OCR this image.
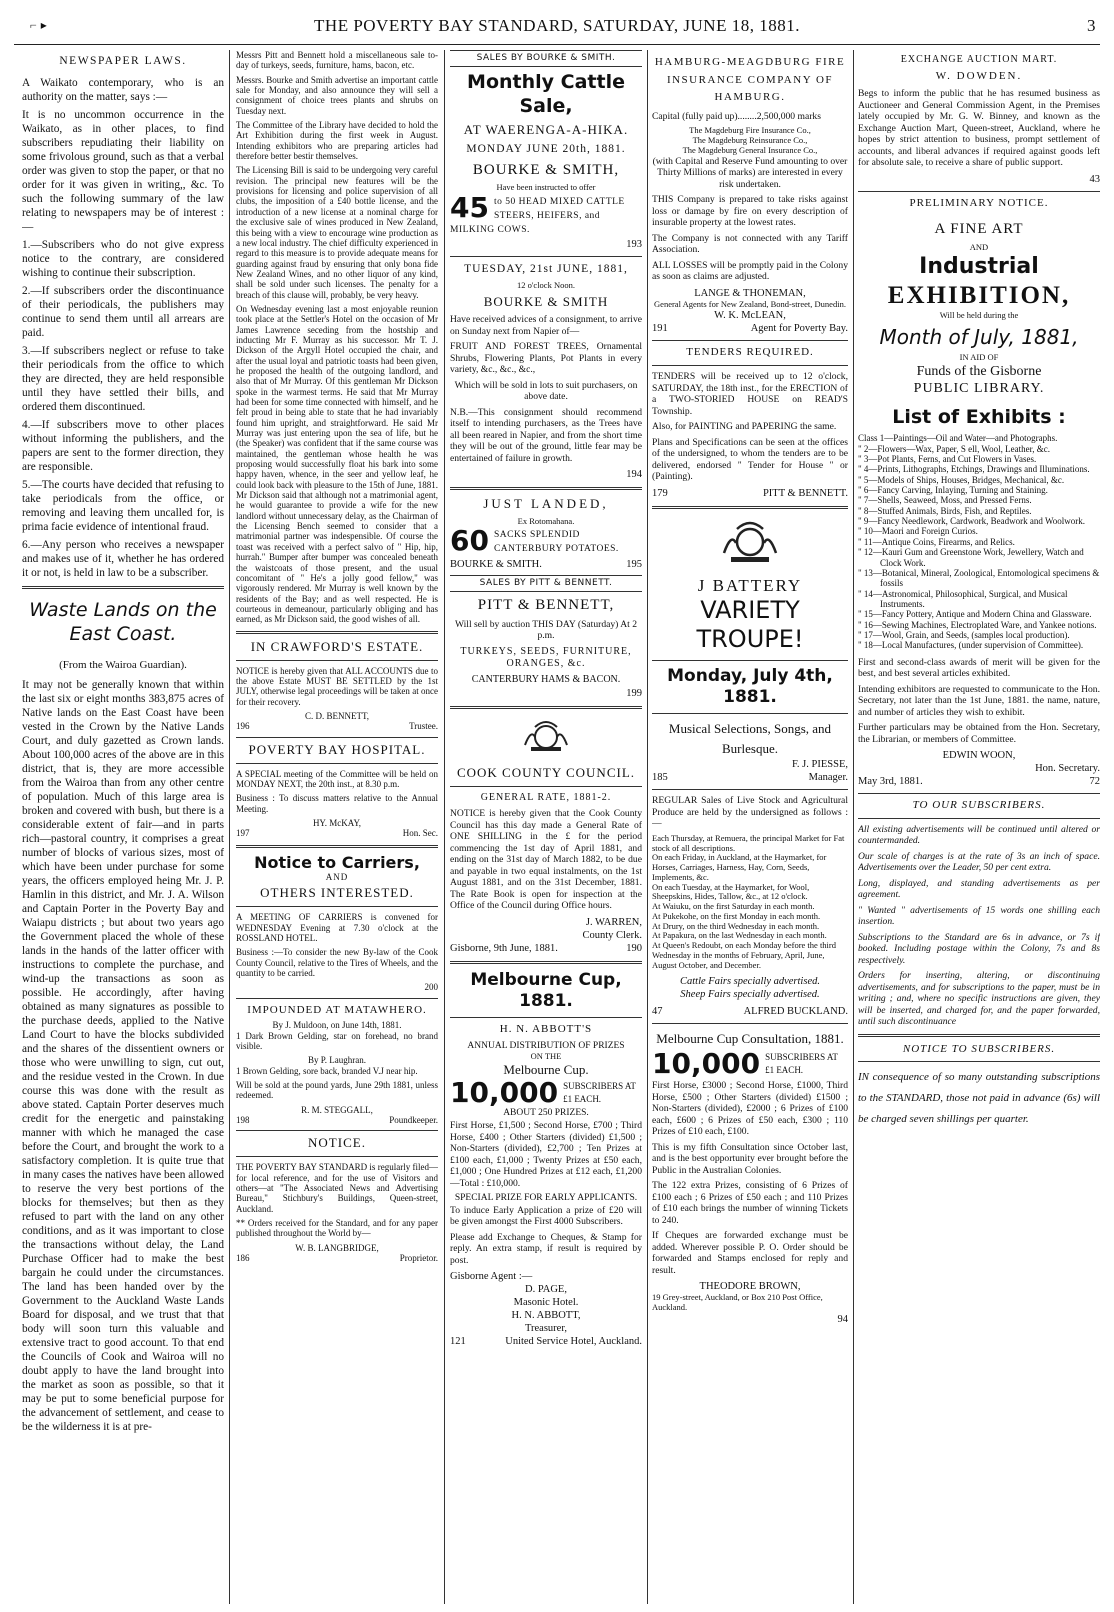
⌐ ▸	THE POVERTY BAY STANDARD, SATURDAY, JUNE 18, 1881.	3
NEWSPAPER LAWS.

A Waikato contemporary, who is an authority on the matter, says :—

It is no uncommon occurrence in the Waikato, as in other places, to find subscribers repudiating their liability on some frivolous ground, such as that a verbal order was given to stop the paper, or that no order for it was given in writing,, &c. To such the following summary of the law relating to newspapers may be of interest :—

1.—Subscribers who do not give express notice to the contrary, are considered wishing to continue their subscription.

2.—If subscribers order the discontinuance of their periodicals, the publishers may continue to send them until all arrears are paid.

3.—If subscribers neglect or refuse to take their periodicals from the office to which they are directed, they are held responsible until they have settled their bills, and ordered them discontinued.

4.—If subscribers move to other places without informing the publishers, and the papers are sent to the former direction, they are responsible.

5.—The courts have decided that refusing to take periodicals from the office, or removing and leaving them uncalled for, is prima facie evidence of intentional fraud.

6.—Any person who receives a newspaper and makes use of it, whether he has ordered it or not, is held in law to be a subscriber.

Waste Lands on the East Coast.
(From the Wairoa Guardian).

It may not be generally known that within the last six or eight months 383,875 acres of Native lands on the East Coast have been vested in the Crown by the Native Lands Court, and duly gazetted as Crown lands. About 100,000 acres of the above are in this district, that is, they are more accessible from the Wairoa than from any other centre of population. Much of this large area is broken and covered with bush, but there is a considerable extent of fair—and in parts rich—pastoral country, it comprises a great number of blocks of various sizes, most of which have been under purchase for some years, the officers employed heing Mr. J. P. Hamlin in this district, and Mr. J. A. Wilson and Captain Porter in the Poverty Bay and Waiapu districts ; but about two years ago the Government placed the whole of these lands in the hands of the latter officer with instructions to complete the purchase, and wind-up the transactions as soon as possible. He accordingly, after having obtained as many signatures as possible to the purchase deeds, applied to the Native Land Court to have the blocks subdivided and the shares of the dissentient owners or those who were unwilling to sign, cut out, and the residue vested in the Crown. In due course this was done with the result as above stated. Captain Porter deserves much credit for the energetic and painstaking manner with which he managed the case before the Court, and brought the work to a satisfactory completion. It is quite true that in many cases the natives have been allowed to reserve the very best portions of the blocks for themselves; but then as they refused to part with the land on any other conditions, and as it was important to close the transactions without delay, the Land Purchase Officer had to make the best bargain he could under the circumstances. The land has been handed over by the Government to the Auckland Waste Lands Board for disposal, and we trust that that body will soon turn this valuable and extensive tract to good account. To that end the Councils of Cook and Wairoa will no doubt apply to have the land brought into the market as soon as possible, so that it may be put to some beneficial purpose for the advancement of settlement, and cease to be the wilderness it is at pre-

Messrs Pitt and Bennett hold a miscellaneous sale to-day of turkeys, seeds, furniture, hams, bacon, etc.

Messrs. Bourke and Smith advertise an important cattle sale for Monday, and also announce they will sell a consignment of choice trees plants and shrubs on Tuesday next.

The Committee of the Library have decided to hold the Art Exhibition during the first week in August. Intending exhibitors who are preparing articles had therefore better bestir themselves.

The Licensing Bill is said to be undergoing very careful revision. The principal new features will be the provisions for licensing and police supervision of all clubs, the imposition of a £40 bottle license, and the introduction of a new license at a nominal charge for the exclusive sale of wines produced in New Zealand, this being with a view to encourage wine production as a new local industry. The chief difficulty experienced in regard to this measure is to provide adequate means for guarding against fraud by ensuring that only bona fide New Zealand Wines, and no other liquor of any kind, shall be sold under such licenses. The penalty for a breach of this clause will, probably, be very heavy.

On Wednesday evening last a most enjoyable reunion took place at the Settler's Hotel on the occasion of Mr James Lawrence seceding from the hostship and inducting Mr F. Murray as his successor. Mr T. J. Dickson of the Argyll Hotel occupied the chair, and after the usual loyal and patriotic toasts had been given, he proposed the health of the outgoing landlord, and also that of Mr Murray. Of this gentleman Mr Dickson spoke in the warmest terms. He said that Mr Murray had been for some time connected with himself, and he felt proud in being able to state that he had invariably found him upright, and straightforward. He said Mr Murray was just entering upon the sea of life, but he (the Speaker) was confident that if the same course was maintained, the gentleman whose health he was proposing would successfully float his bark into some happy haven, whence, in the seer and yellow leaf, he could look back with pleasure to the 15th of June, 1881. Mr Dickson said that although not a matrimonial agent, he would guarantee to provide a wife for the new landlord without unnecessary delay, as the Chairman of the Licensing Bench seemed to consider that a matrimonial partner was indespensible. Of course the toast was received with a perfect salvo of " Hip, hip, hurrah." Bumper after bumper was concealed beneath the waistcoats of those present, and the usual concomitant of " He's a jolly good fellow," was vigorously rendered. Mr Murray is well known by the residents of the Bay; and as well respected. He is courteous in demeanour, particularly obliging and has earned, as Mr Dickson said, the good wishes of all.

IN CRAWFORD'S ESTATE.

NOTICE is hereby given that ALL ACCOUNTS due to the above Estate MUST BE SETTLED by the 1st JULY, otherwise legal proceedings will be taken at once for their recovery.

C. D. BENNETT,
196	Trustee.
POVERTY BAY HOSPITAL.

A SPECIAL meeting of the Committee will be held on MONDAY NEXT, the 20th inst., at 8.30 p.m.

Business : To discuss matters relative to the Annual Meeting.

HY. McKAY,
197	Hon. Sec.
Notice to Carriers,
AND
OTHERS INTERESTED.

A MEETING OF CARRIERS is convened for WEDNESDAY Evening at 7.30 o'clock at the ROSSLAND HOTEL.

Business :—To consider the new By-law of the Cook County Council, relative to the Tires of Wheels, and the quantity to be carried.

200
IMPOUNDED AT MATAWHERO.
By J. Muldoon, on June 14th, 1881.

1 Dark Brown Gelding, star on forehead, no brand visible.

By P. Laughran.

1 Brown Gelding, sore back, branded V.J near hip.

Will be sold at the pound yards, June 29th 1881, unless redeemed.

R. M. STEGGALL,
198	Poundkeeper.
NOTICE.

THE POVERTY BAY STANDARD is regularly filed—for local reference, and for the use of Visitors and others—at "The Associated News and Advertising Bureau," Stichbury's Buildings, Queen-street, Auckland.

** Orders received for the Standard, and for any paper published throughout the World by—

W. B. LANGBRIDGE,
186	Proprietor.
SALES BY BOURKE & SMITH.
Monthly Cattle Sale,
AT WAERENGA-A-HIKA.
MONDAY JUNE 20th, 1881.
BOURKE & SMITH,
Have been instructed to offer
45 to 50 HEAD MIXED CATTLE STEERS, HEIFERS, and MILKING COWS.
193
TUESDAY, 21st JUNE, 1881,
12 o'clock Noon.
BOURKE & SMITH

Have received advices of a consignment, to arrive on Sunday next from Napier of—

FRUIT AND FOREST TREES, Ornamental Shrubs, Flowering Plants, Pot Plants in every variety, &c., &c., &c.,

Which will be sold in lots to suit purchasers, on above date.

N.B.—This consignment should recommend itself to intending purchasers, as the Trees have all been reared in Napier, and from the short time they will be out of the ground, little fear may be entertained of failure in growth.

194
JUST LANDED,
Ex Rotomahana.
60 SACKS SPLENDID CANTERBURY POTATOES.
BOURKE & SMITH.	195
SALES BY PITT & BENNETT.
PITT & BENNETT,

Will sell by auction THIS DAY (Saturday) At 2 p.m.

TURKEYS, SEEDS, FURNITURE, ORANGES, &c.
CANTERBURY HAMS & BACON.
199
COOK COUNTY COUNCIL.
GENERAL RATE, 1881-2.

NOTICE is hereby given that the Cook County Council has this day made a General Rate of ONE SHILLING in the £ for the period commencing the 1st day of April 1881, and ending on the 31st day of March 1882, to be due and payable in two equal instalments, on the 1st August 1881, and on the 31st December, 1881. The Rate Book is open for inspection at the Office of the Council during Office hours.

J. WARREN,
County Clerk.
Gisborne, 9th June, 1881.	190
Melbourne Cup, 1881.
H. N. ABBOTT'S
ANNUAL DISTRIBUTION OF PRIZES
ON THE
Melbourne Cup.
10,000 SUBSCRIBERS AT £1 EACH.
ABOUT 250 PRIZES.

First Horse, £1,500 ; Second Horse, £700 ; Third Horse, £400 ; Other Starters (divided) £1,500 ; Non-Starters (divided), £2,700 ; Ten Prizes at £100 each, £1,000 ; Twenty Prizes at £50 each, £1,000 ; One Hundred Prizes at £12 each, £1,200—Total : £10,000.

SPECIAL PRIZE FOR EARLY APPLICANTS.

To induce Early Application a prize of £20 will be given amongst the First 4000 Subscribers.

Please add Exchange to Cheques, & Stamp for reply. An extra stamp, if result is required by post.

Gisborne Agent :—
D. PAGE,
Masonic Hotel.
H. N. ABBOTT,
Treasurer,
121	United Service Hotel, Auckland.
HAMBURG-MEAGDBURG FIRE INSURANCE COMPANY OF HAMBURG.

Capital (fully paid up)........2,500,000 marks

The Magdeburg Fire Insurance Co.,
The Magdeburg Reinsurance Co.,
The Magdeburg General Insurance Co.,

(with Capital and Reserve Fund amounting to over Thirty Millions of marks) are interested in every risk undertaken.

THIS Company is prepared to take risks against loss or damage by fire on every description of insurable property at the lowest rates.

The Company is not connected with any Tariff Association.

ALL LOSSES will be promptly paid in the Colony as soon as claims are adjusted.

LANGE & THONEMAN,
General Agents for New Zealand, Bond-street, Dunedin.
W. K. McLEAN,
191	Agent for Poverty Bay.
TENDERS REQUIRED.

TENDERS will be received up to 12 o'clock, SATURDAY, the 18th inst., for the ERECTION of a TWO-STORIED HOUSE on READ'S Township.

Also, for PAINTING and PAPERING the same.

Plans and Specifications can be seen at the offices of the undersigned, to whom the tenders are to be delivered, endorsed " Tender for House " or (Painting).

179	PITT & BENNETT.
J BATTERY
VARIETY TROUPE!
Monday, July 4th, 1881.
Musical Selections, Songs, and Burlesque.
F. J. PIESSE,
185	Manager.

REGULAR Sales of Live Stock and Agricultural Produce are held by the undersigned as follows :—

Each Thursday, at Remuera, the principal Market for Fat stock of all descriptions.
On each Friday, in Auckland, at the Haymarket, for Horses, Carriages, Harness, Hay, Corn, Seeds, Implements, &c.
On each Tuesday, at the Haymarket, for Wool, Sheepskins, Hides, Tallow, &c., at 12 o'clock.
At Waiuku, on the first Saturday in each month.
At Pukekohe, on the first Monday in each month.
At Drury, on the third Wednesday in each month.
At Papakura, on the last Wednesday in each month.
At Queen's Redoubt, on each Monday before the third Wednesday in the months of February, April, June, August October, and December.
Cattle Fairs specially advertised.
Sheep Fairs specially advertised.
47	ALFRED BUCKLAND.
Melbourne Cup Consultation, 1881.
10,000 SUBSCRIBERS AT £1 EACH.

First Horse, £3000 ; Second Horse, £1000, Third Horse, £500 ; Other Starters (divided) £1500 ; Non-Starters (divided), £2000 ; 6 Prizes of £100 each, £600 ; 6 Prizes of £50 each, £300 ; 110 Prizes of £10 each, £100.

This is my fifth Consultation since October last, and is the best opportunity ever brought before the Public in the Australian Colonies.

The 122 extra Prizes, consisting of 6 Prizes of £100 each ; 6 Prizes of £50 each ; and 110 Prizes of £10 each brings the number of winning Tickets to 240.

If Cheques are forwarded exchange must be added. Wherever possible P. O. Order should be forwarded and Stamps enclosed for reply and result.

THEODORE BROWN,
19 Grey-street, Auckland, or Box 210 Post Office, Auckland.
94
EXCHANGE AUCTION MART.
W. DOWDEN.

Begs to inform the public that he has resumed business as Auctioneer and General Commission Agent, in the Premises lately occupied by Mr. G. W. Binney, and known as the Exchange Auction Mart, Queen-street, Auckland, where he hopes by strict attention to business, prompt settlement of accounts, and liberal advances if required against goods left for absolute sale, to receive a share of public support.

43
PRELIMINARY NOTICE.
A FINE ART
AND
Industrial
EXHIBITION,
Will be held during the
Month of July, 1881,
IN AID OF
Funds of the Gisborne
PUBLIC LIBRARY.
List of Exhibits :
Class 1—Paintings—Oil and Water—and Photographs.
" 2—Flowers—Wax, Paper, S ell, Wool, Leather, &c.
" 3—Pot Plants, Ferns, and Cut Flowers in Vases.
" 4—Prints, Lithographs, Etchings, Drawings and Illuminations.
" 5—Models of Ships, Houses, Bridges, Mechanical, &c.
" 6—Fancy Carving, Inlaying, Turning and Staining.
" 7—Shells, Seaweed, Moss, and Pressed Ferns.
" 8—Stuffed Animals, Birds, Fish, and Reptiles.
" 9—Fancy Needlework, Cardwork, Beadwork and Woolwork.
" 10—Maori and Foreign Curios.
" 11—Antique Coins, Firearms, and Relics.
" 12—Kauri Gum and Greenstone Work, Jewellery, Watch and Clock Work.
" 13—Botanical, Mineral, Zoological, Entomological specimens & fossils
" 14—Astronomical, Philosophical, Surgical, and Musical Instruments.
" 15—Fancy Pottery, Antique and Modern China and Glassware.
" 16—Sewing Machines, Electroplated Ware, and Yankee notions.
" 17—Wool, Grain, and Seeds, (samples local production).
" 18—Local Manufactures, (under supervision of Committee).

First and second-class awards of merit will be given for the best, and best several articles exhibited.

Intending exhibitors are requested to communicate to the Hon. Secretary, not later than the 1st June, 1881. the name, nature, and number of articles they wish to exhibit.

Further particulars may be obtained from the Hon. Secretary, the Librarian, or members of Committee.

EDWIN WOON,
Hon. Secretary.
May 3rd, 1881.	72
TO OUR SUBSCRIBERS.

All existing advertisements will be continued until altered or countermanded.

Our scale of charges is at the rate of 3s an inch of space. Advertisements over the Leader, 50 per cent extra.

Long, displayed, and standing advertisements as per agreement.

" Wanted " advertisements of 15 words one shilling each insertion.

Subscriptions to the Standard are 6s in advance, or 7s if booked. Including postage within the Colony, 7s and 8s respectively.

Orders for inserting, altering, or discontinuing advertisements, and for subscriptions to the paper, must be in writing ; and, where no specific instructions are given, they will be inserted, and charged for, and the paper forwarded, until such discontinuance

NOTICE TO SUBSCRIBERS.

IN consequence of so many outstanding subscriptions to the STANDARD, those not paid in advance (6s) will be charged seven shillings per quarter.
